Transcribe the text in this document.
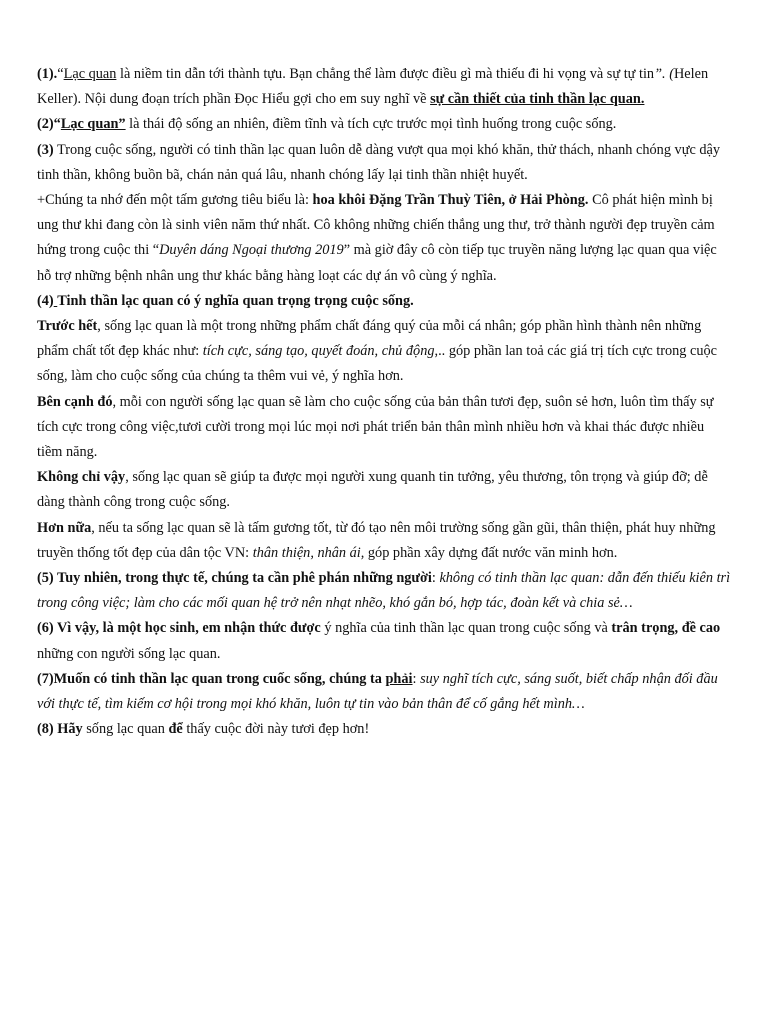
(1).“Lạc quan là niềm tin dẫn tới thành tựu. Bạn chẳng thể làm được điều gì mà thiếu đi hi vọng và sự tự tin”. (Helen Keller). Nội dung đoạn trích phần Đọc Hiểu gợi cho em suy nghĩ về sự cần thiết của tinh thần lạc quan.

(2)“Lạc quan” là thái độ sống an nhiên, điềm tĩnh và tích cực trước mọi tình huống trong cuộc sống.

(3) Trong cuộc sống, người có tinh thần lạc quan luôn dễ dàng vượt qua mọi khó khăn, thử thách, nhanh chóng vực dậy tinh thần, không buồn bã, chán nản quá lâu, nhanh chóng lấy lại tinh thần nhiệt huyết.

+Chúng ta nhớ đến một tấm gương tiêu biểu là: hoa khôi Đặng Trần Thuỳ Tiên, ở Hải Phòng. Cô phát hiện mình bị ung thư khi đang còn là sinh viên năm thứ nhất. Cô không những chiến thắng ung thư, trở thành người đẹp truyền cảm hứng trong cuộc thi “Duyên dáng Ngoại thương 2019” mà giờ đây cô còn tiếp tục truyền năng lượng lạc quan qua việc hỗ trợ những bệnh nhân ung thư khác bằng hàng loạt các dự án vô cùng ý nghĩa.

(4) Tinh thần lạc quan có ý nghĩa quan trọng trọng cuộc sống.

Trước hết, sống lạc quan là một trong những phẩm chất đáng quý của mỗi cá nhân; góp phần hình thành nên những phẩm chất tốt đẹp khác như: tích cực, sáng tạo, quyết đoán, chủ động,.. góp phần lan toả các giá trị tích cực trong cuộc sống, làm cho cuộc sống của chúng ta thêm vui vẻ, ý nghĩa hơn.

Bên cạnh đó, mỗi con người sống lạc quan sẽ làm cho cuộc sống của bản thân tươi đẹp, suôn sẻ hơn, luôn tìm thấy sự tích cực trong công việc,tươi cười trong mọi lúc mọi nơi phát triển bản thân mình nhiều hơn và khai thác được nhiều tiềm năng.

Không chỉ vậy, sống lạc quan sẽ giúp ta được mọi người xung quanh tin tưởng, yêu thương, tôn trọng và giúp đỡ; dễ dàng thành công trong cuộc sống.

Hơn nữa, nếu ta sống lạc quan sẽ là tấm gương tốt, từ đó tạo nên môi trường sống gần gũi, thân thiện, phát huy những truyền thống tốt đẹp của dân tộc VN: thân thiện, nhân ái, góp phần xây dựng đất nước văn minh hơn.

(5) Tuy nhiên, trong thực tế, chúng ta cần phê phán những người: không có tinh thần lạc quan: dẫn đến thiếu kiên trì trong công việc; làm cho các mối quan hệ trở nên nhạt nhẽo, khó gắn bó, hợp tác, đoàn kết và chia sẻ…

(6) Vì vậy, là một học sinh, em nhận thức được ý nghĩa của tinh thần lạc quan trong cuộc sống và trân trọng, đề cao những con người sống lạc quan.

(7)Muốn có tinh thần lạc quan trong cuốc sống, chúng ta phải: suy nghĩ tích cực, sáng suốt, biết chấp nhận đối đầu với thực tế, tìm kiếm cơ hội trong mọi khó khăn, luôn tự tin vào bản thân để cố gắng hết mình…

(8) Hãy sống lạc quan để thấy cuộc đời này tươi đẹp hơn!
